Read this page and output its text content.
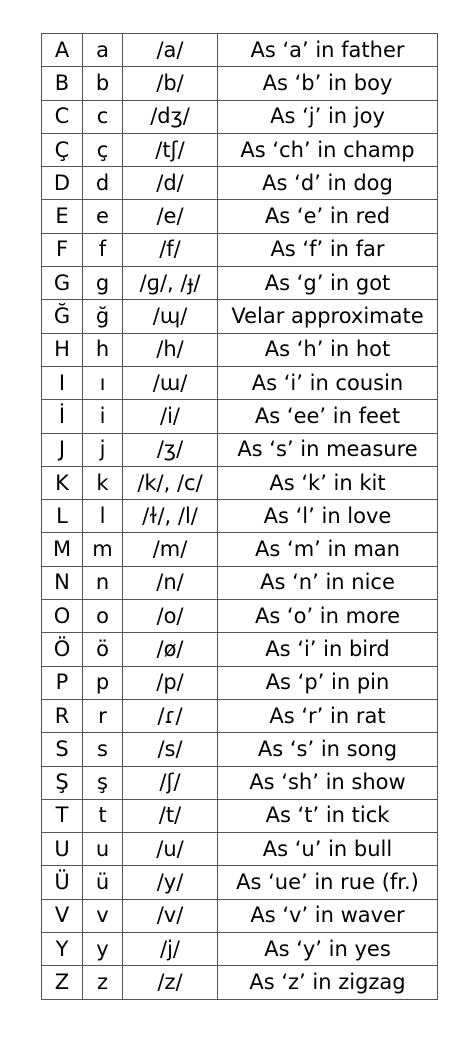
A	a	/a/	As ‘a’ in father
B	b	/b/	As ‘b’ in boy
C	c	/dʒ/	As ‘j’ in joy
Ç	ç	/tʃ/	As ‘ch’ in champ
D	d	/d/	As ‘d’ in dog
E	e	/e/	As ‘e’ in red
F	f	/f/	As ‘f’ in far
G	g	/ɡ/, /ɟ/	As ‘g’ in got
Ğ	ğ	/ɰ/	Velar approximate
H	h	/h/	As ‘h’ in hot
I	ı	/ɯ/	As ‘i’ in cousin
İ	i	/i/	As ‘ee’ in feet
J	j	/ʒ/	As ‘s’ in measure
K	k	/k/, /c/	As ‘k’ in kit
L	l	/ɫ/, /l/	As ‘l’ in love
M	m	/m/	As ‘m’ in man
N	n	/n/	As ‘n’ in nice
O	o	/o/	As ‘o’ in more
Ö	ö	/ø/	As ‘i’ in bird
P	p	/p/	As ‘p’ in pin
R	r	/ɾ/	As ‘r’ in rat
S	s	/s/	As ‘s’ in song
Ş	ş	/ʃ/	As ‘sh’ in show
T	t	/t/	As ‘t’ in tick
U	u	/u/	As ‘u’ in bull
Ü	ü	/y/	As ‘ue’ in rue (fr.)
V	v	/v/	As ‘v’ in waver
Y	y	/j/	As ‘y’ in yes
Z	z	/z/	As ‘z’ in zigzag
